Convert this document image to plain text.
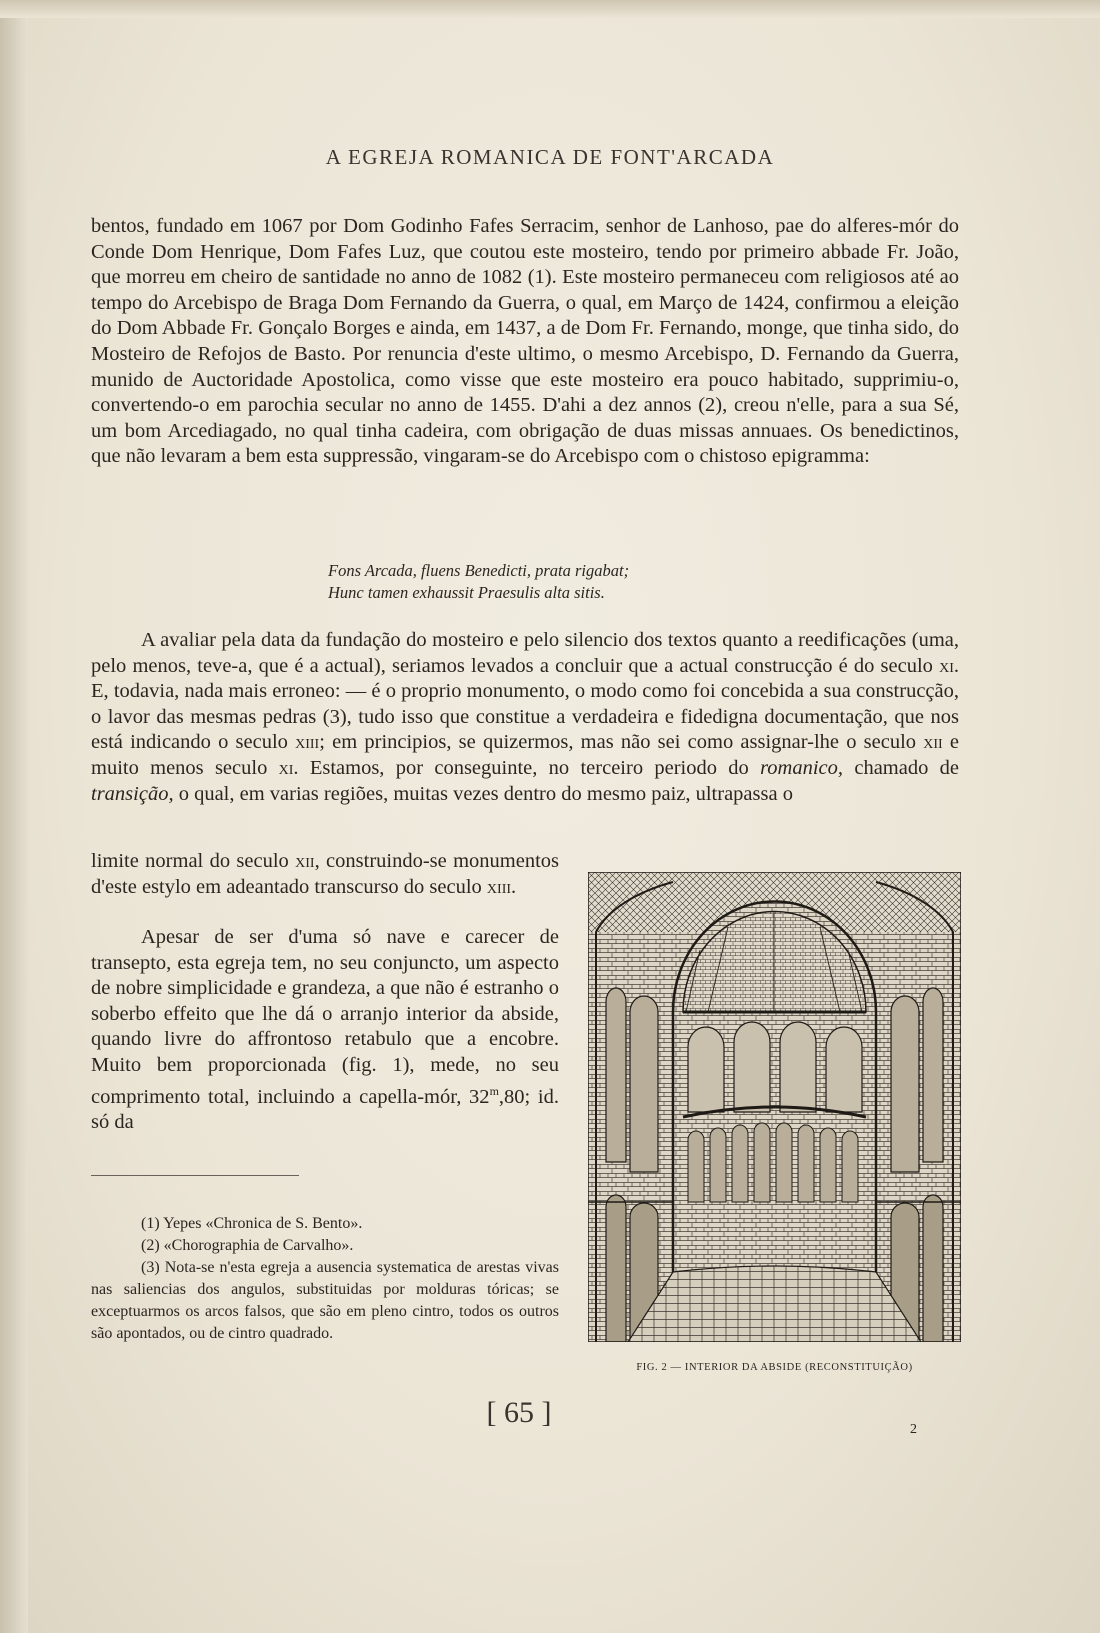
A EGREJA ROMANICA DE FONT'ARCADA

bentos, fundado em 1067 por Dom Godinho Fafes Serracim, senhor de Lanhoso, pae do alferes-mór do Conde Dom Henrique, Dom Fafes Luz, que coutou este mosteiro, tendo por primeiro abbade Fr. João, que morreu em cheiro de santidade no anno de 1082 (1). Este mosteiro permaneceu com religiosos até ao tempo do Arcebispo de Braga Dom Fernando da Guerra, o qual, em Março de 1424, confirmou a eleição do Dom Abbade Fr. Gonçalo Borges e ainda, em 1437, a de Dom Fr. Fernando, monge, que tinha sido, do Mosteiro de Refojos de Basto. Por renuncia d'este ultimo, o mesmo Arcebispo, D. Fernando da Guerra, munido de Auctoridade Apostolica, como visse que este mosteiro era pouco habitado, supprimiu-o, convertendo-o em parochia secular no anno de 1455. D'ahi a dez annos (2), creou n'elle, para a sua Sé, um bom Arcediagado, no qual tinha cadeira, com obrigação de duas missas annuaes. Os benedictinos, que não levaram a bem esta suppressão, vingaram-se do Arcebispo com o chistoso epigramma:

Fons Arcada, fluens Benedicti, prata rigabat;
Hunc tamen exhaussit Praesulis alta sitis.

A avaliar pela data da fundação do mosteiro e pelo silencio dos textos quanto a reedificações (uma, pelo menos, teve-a, que é a actual), seriamos levados a concluir que a actual construcção é do seculo xi. E, todavia, nada mais erroneo: — é o proprio monumento, o modo como foi concebida a sua construcção, o lavor das mesmas pedras (3), tudo isso que constitue a verdadeira e fidedigna documentação, que nos está indicando o seculo xiii; em principios, se quizermos, mas não sei como assignar-lhe o seculo xii e muito menos seculo xi. Estamos, por conseguinte, no terceiro periodo do romanico, chamado de transição, o qual, em varias regiões, muitas vezes dentro do mesmo paiz, ultrapassa o

limite normal do seculo xii, construindo-se monumentos d'este estylo em adeantado transcurso do seculo xiii.

Apesar de ser d'uma só nave e carecer de transepto, esta egreja tem, no seu conjuncto, um aspecto de nobre simplicidade e grandeza, a que não é estranho o soberbo effeito que lhe dá o arranjo interior da abside, quando livre do affrontoso retabulo que a encobre. Muito bem proporcionada (fig. 1), mede, no seu comprimento total, incluindo a capella-mór, 32$^m$,80; id. só da

(1) Yepes «Chronica de S. Bento».

(2) «Chorographia de Carvalho».

(3) Nota-se n'esta egreja a ausencia systematica de arestas vivas nas saliencias dos angulos, substituidas por molduras tóricas; se exceptuarmos os arcos falsos, que são em pleno cintro, todos os outros são apontados, ou de cintro quadrado.

FIG. 2 — INTERIOR DA ABSIDE (RECONSTITUIÇÃO)
[ 65 ]
2
